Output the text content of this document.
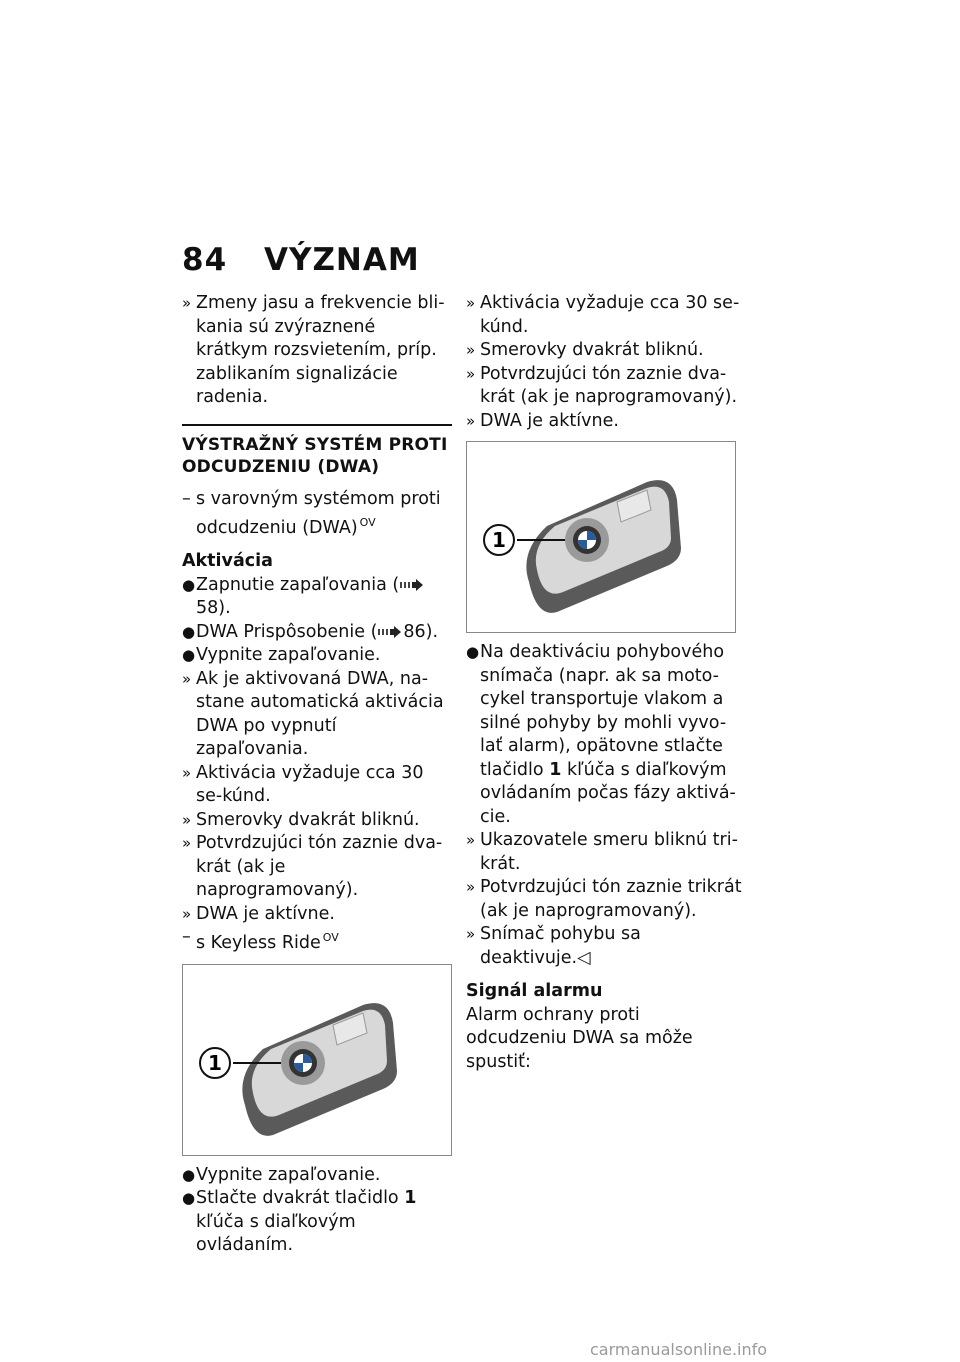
84 VÝZNAM
» Zmeny jasu a frekvencie bli-kania sú zvýraznené krátkym rozsvietením, príp. zablikaním signalizácie radenia.
VÝSTRAŽNÝ SYSTÉM PROTI ODCUDZENIU (DWA)
– s varovným systémom proti odcudzeniu (DWA) $^{OV}$
Aktivácia
● Zapnutie zapaľovania (58).
● DWA Prispôsobenie ( 86).
● Vypnite zapaľovanie.
» Ak je aktivovaná DWA, na-stane automatická aktivácia DWA po vypnutí zapaľovania.
» Aktivácia vyžaduje cca 30 se-kúnd.
» Smerovky dvakrát bliknú.
» Potvrdzujúci tón zaznie dva-krát (ak je naprogramovaný).
» DWA je aktívne.
– s Keyless Ride $^{OV}$
1
● Vypnite zapaľovanie.
● Stlačte dvakrát tlačidlo 1 kľúča s diaľkovým ovládaním.
» Aktivácia vyžaduje cca 30 se-kúnd.
» Smerovky dvakrát bliknú.
» Potvrdzujúci tón zaznie dva-krát (ak je naprogramovaný).
» DWA je aktívne.
1
● Na deaktiváciu pohybového snímača (napr. ak sa moto-cykel transportuje vlakom a silné pohyby by mohli vyvo-lať alarm), opätovne stlačte tlačidlo 1 kľúča s diaľkovým ovládaním počas fázy aktivá-cie.
» Ukazovatele smeru bliknú tri-krát.
» Potvrdzujúci tón zaznie trikrát (ak je naprogramovaný).
» Snímač pohybu sa deaktivuje.◁
Signál alarmu
Alarm ochrany proti odcudzeniu DWA sa môže spustiť:
carmanualsonline.info
